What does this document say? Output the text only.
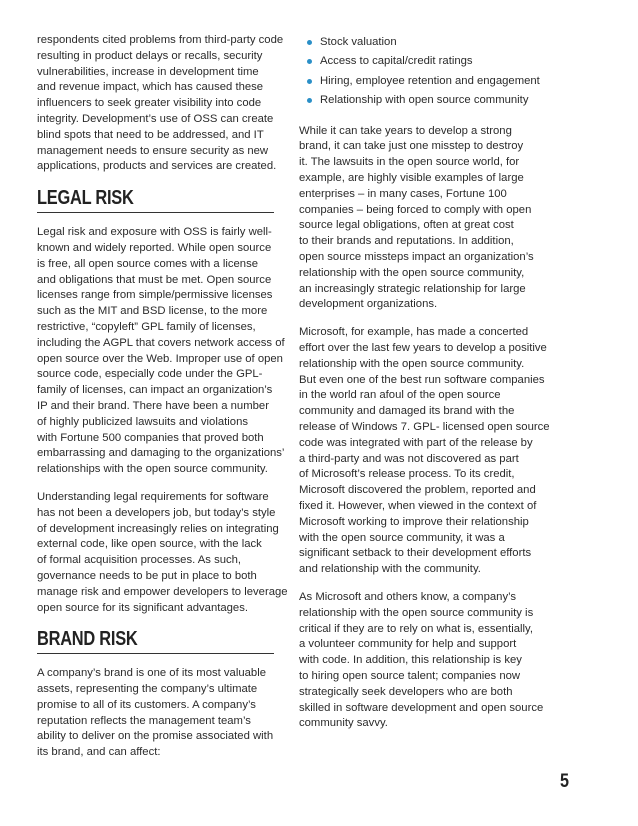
respondents cited problems from third-party code
resulting in product delays or recalls, security
vulnerabilities, increase in development time
and revenue impact, which has caused these
influencers to seek greater visibility into code
integrity. Development’s use of OSS can create
blind spots that need to be addressed, and IT
management needs to ensure security as new
applications, products and services are created.
LEGAL RISK
Legal risk and exposure with OSS is fairly well-
known and widely reported. While open source
is free, all open source comes with a license
and obligations that must be met. Open source
licenses range from simple/permissive licenses
such as the MIT and BSD license, to the more
restrictive, “copyleft” GPL family of licenses,
including the AGPL that covers network access of
open source over the Web. Improper use of open
source code, especially code under the GPL-
family of licenses, can impact an organization’s
IP and their brand. There have been a number
of highly publicized lawsuits and violations
with Fortune 500 companies that proved both
embarrassing and damaging to the organizations’
relationships with the open source community.
Understanding legal requirements for software
has not been a developers job, but today’s style
of development increasingly relies on integrating
external code, like open source, with the lack
of formal acquisition processes. As such,
governance needs to be put in place to both
manage risk and empower developers to leverage
open source for its significant advantages.
BRAND RISK
A company’s brand is one of its most valuable
assets, representing the company’s ultimate
promise to all of its customers. A company’s
reputation reflects the management team’s
ability to deliver on the promise associated with
its brand, and can affect:
Stock valuation
Access to capital/credit ratings
Hiring, employee retention and engagement
Relationship with open source community
While it can take years to develop a strong
brand, it can take just one misstep to destroy
it. The lawsuits in the open source world, for
example, are highly visible examples of large
enterprises – in many cases, Fortune 100
companies – being forced to comply with open
source legal obligations, often at great cost
to their brands and reputations. In addition,
open source missteps impact an organization’s
relationship with the open source community,
an increasingly strategic relationship for large
development organizations.
Microsoft, for example, has made a concerted
effort over the last few years to develop a positive
relationship with the open source community.
But even one of the best run software companies
in the world ran afoul of the open source
community and damaged its brand with the
release of Windows 7. GPL- licensed open source
code was integrated with part of the release by
a third-party and was not discovered as part
of Microsoft’s release process. To its credit,
Microsoft discovered the problem, reported and
fixed it. However, when viewed in the context of
Microsoft working to improve their relationship
with the open source community, it was a
significant setback to their development efforts
and relationship with the community.
As Microsoft and others know, a company’s
relationship with the open source community is
critical if they are to rely on what is, essentially,
a volunteer community for help and support
with code. In addition, this relationship is key
to hiring open source talent; companies now
strategically seek developers who are both
skilled in software development and open source
community savvy.
5
